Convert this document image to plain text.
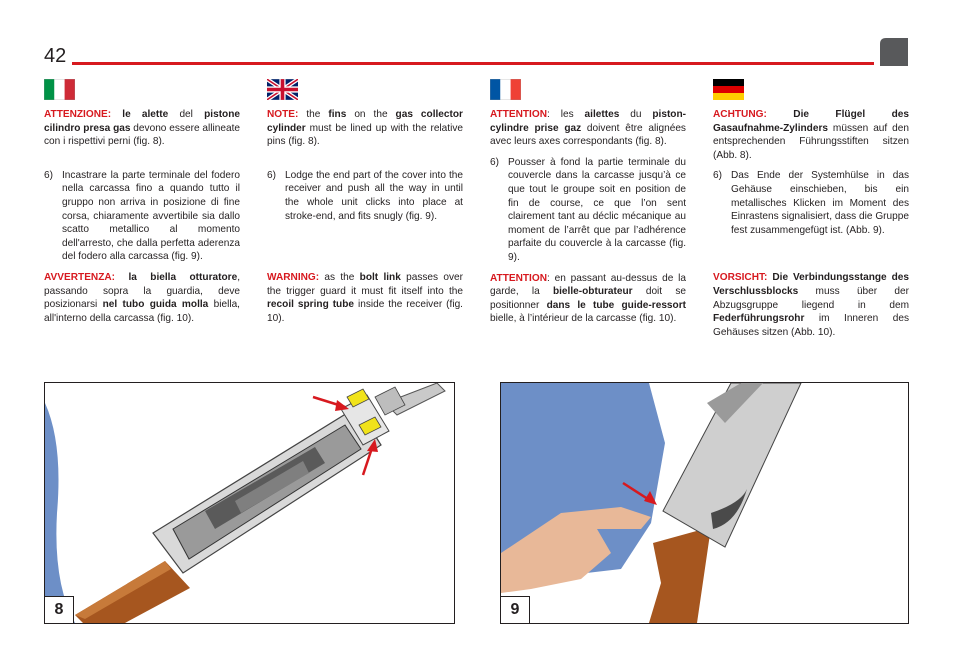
42

ATTENZIONE: le alette del pistone cilindro presa gas devono essere allineate con i rispettivi perni (fig. 8).

6) Incastrare la parte terminale del fodero nella carcassa fino a quando tutto il gruppo non arriva in posizione di fine corsa, chiaramente avvertibile sia dallo scatto metallico al momento dell'arresto, che dalla perfetta aderenza del fodero alla carcassa (fig. 9).

AVVERTENZA: la biella otturatore, passando sopra la guardia, deve posizionarsi nel tubo guida molla biella, all'interno della carcassa (fig. 10).

NOTE: the fins on the gas collector cylinder must be lined up with the relative pins (fig. 8).

6) Lodge the end part of the cover into the receiver and push all the way in until the whole unit clicks into place at stroke-end, and fits snugly (fig. 9).

WARNING: as the bolt link passes over the trigger guard it must fit itself into the recoil spring tube inside the receiver (fig. 10).

ATTENTION: les ailettes du piston-cylindre prise gaz doivent être alignées avec leurs axes correspondants (fig. 8).

6) Pousser à fond la partie terminale du couvercle dans la carcasse jusqu’à ce que tout le groupe soit en position de fin de course, ce que l’on sent clairement tant au déclic mécanique au moment de l’arrêt que par l’adhérence parfaite du couvercle à la carcasse (fig. 9).

ATTENTION: en passant au-dessus de la garde, la bielle-obturateur doit se positionner dans le tube guide-ressort bielle, à l’intérieur de la carcasse (fig. 10).

ACHTUNG:	Die Flügel des Gasaufnahme-Zylinders müssen auf den entsprechenden Führungsstiften sitzen (Abb. 8).

6) Das Ende der Systemhülse in das Gehäuse einschieben, bis ein metallisches Klicken im Moment des Einrastens signalisiert, dass die Gruppe fest zusammengefügt ist. (Abb. 9).

VORSICHT: Die Verbindungsstange des Verschlussblocks muss über der Abzugsgruppe liegend in dem Federführungsrohr im Inneren des Gehäuses sitzen (Abb. 10).

8	9
